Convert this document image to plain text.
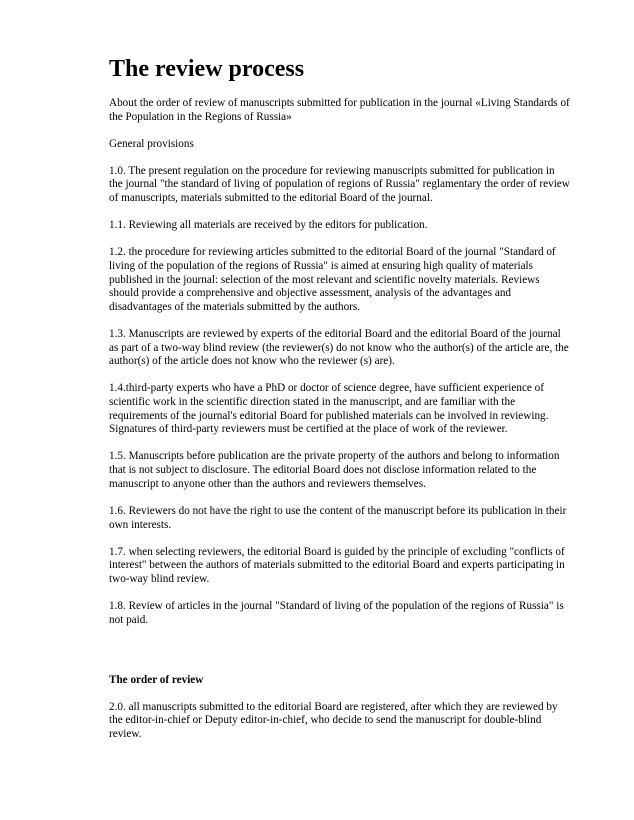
The review process

About the order of review of manuscripts submitted for publication in the journal «Living Standards of the Population in the Regions of Russia»

General provisions

1.0. The present regulation on the procedure for reviewing manuscripts submitted for publication in the journal "the standard of living of population of regions of Russia" reglamentary the order of review of manuscripts, materials submitted to the editorial Board of the journal.

1.1. Reviewing all materials are received by the editors for publication.

1.2. the procedure for reviewing articles submitted to the editorial Board of the journal "Standard of living of the population of the regions of Russia" is aimed at ensuring high quality of materials published in the journal: selection of the most relevant and scientific novelty materials. Reviews should provide a comprehensive and objective assessment, analysis of the advantages and disadvantages of the materials submitted by the authors.

1.3. Manuscripts are reviewed by experts of the editorial Board and the editorial Board of the journal as part of a two-way blind review (the reviewer(s) do not know who the author(s) of the article are, the author(s) of the article does not know who the reviewer (s) are).

1.4.third-party experts who have a PhD or doctor of science degree, have sufficient experience of scientific work in the scientific direction stated in the manuscript, and are familiar with the requirements of the journal's editorial Board for published materials can be involved in reviewing. Signatures of third-party reviewers must be certified at the place of work of the reviewer.

1.5. Manuscripts before publication are the private property of the authors and belong to information that is not subject to disclosure. The editorial Board does not disclose information related to the manuscript to anyone other than the authors and reviewers themselves.

1.6. Reviewers do not have the right to use the content of the manuscript before its publication in their own interests.

1.7. when selecting reviewers, the editorial Board is guided by the principle of excluding "conflicts of interest" between the authors of materials submitted to the editorial Board and experts participating in two-way blind review.

1.8. Review of articles in the journal "Standard of living of the population of the regions of Russia" is not paid.

The order of review

2.0. all manuscripts submitted to the editorial Board are registered, after which they are reviewed by the editor-in-chief or Deputy editor-in-chief, who decide to send the manuscript for double-blind review.
